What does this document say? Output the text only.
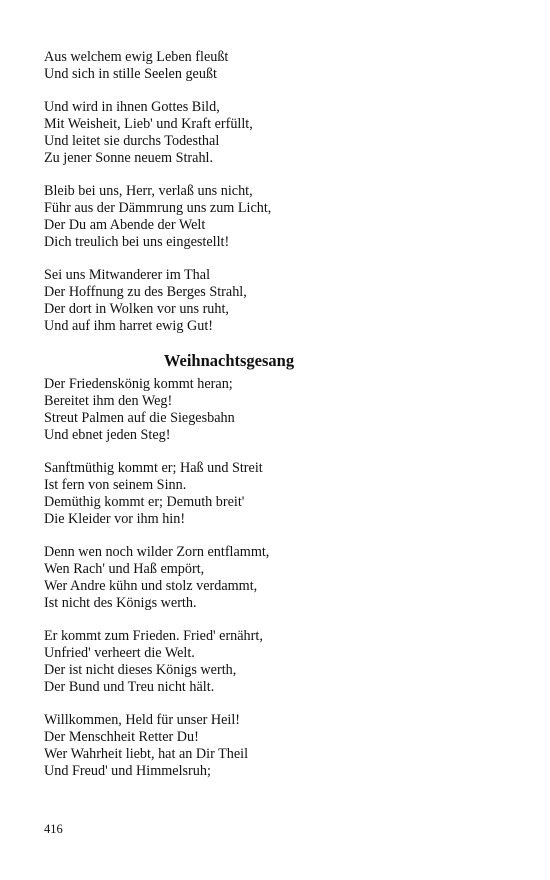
Aus welchem ewig Leben fleußt
Und sich in stille Seelen geußt
Und wird in ihnen Gottes Bild,
Mit Weisheit, Lieb' und Kraft erfüllt,
Und leitet sie durchs Todesthal
Zu jener Sonne neuem Strahl.
Bleib bei uns, Herr, verlaß uns nicht,
Führ aus der Dämmrung uns zum Licht,
Der Du am Abende der Welt
Dich treulich bei uns eingestellt!
Sei uns Mitwanderer im Thal
Der Hoffnung zu des Berges Strahl,
Der dort in Wolken vor uns ruht,
Und auf ihm harret ewig Gut!
Weihnachtsgesang
Der Friedenskönig kommt heran;
Bereitet ihm den Weg!
Streut Palmen auf die Siegesbahn
Und ebnet jeden Steg!
Sanftmüthig kommt er; Haß und Streit
Ist fern von seinem Sinn.
Demüthig kommt er; Demuth breit'
Die Kleider vor ihm hin!
Denn wen noch wilder Zorn entflammt,
Wen Rach' und Haß empört,
Wer Andre kühn und stolz verdammt,
Ist nicht des Königs werth.
Er kommt zum Frieden. Fried' ernährt,
Unfried' verheert die Welt.
Der ist nicht dieses Königs werth,
Der Bund und Treu nicht hält.
Willkommen, Held für unser Heil!
Der Menschheit Retter Du!
Wer Wahrheit liebt, hat an Dir Theil
Und Freud' und Himmelsruh;
416
